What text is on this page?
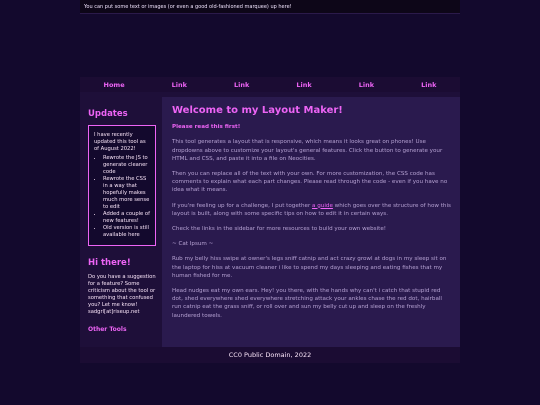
You can put some text or images (or even a good old-fashioned marquee) up here!
Home	Link	Link	Link	Link	Link
Updates

I have recently updated this tool as of August 2022!

• Rewrote the JS to generate cleaner code
• Rewrote the CSS in a way that hopefully makes much more sense to edit
• Added a couple of new features!
• Old version is still available here
Hi there!
Do you have a suggestion for a feature? Some criticism about the tool or something that confused you? Let me know! sadgrl[at]riseup.net
Other Tools
Welcome to my Layout Maker!

Please read this first!

This tool generates a layout that is responsive, which means it looks great on phones! Use dropdowns above to customize your layout's general features. Click the button to generate your HTML and CSS, and paste it into a file on Neocities.

Then you can replace all of the text with your own. For more customization, the CSS code has comments to explain what each part changes. Please read through the code - even if you have no idea what it means.

If you're feeling up for a challenge, I put together a guide which goes over the structure of how this layout is built, along with some specific tips on how to edit it in certain ways.

Check the links in the sidebar for more resources to build your own website!

~ Cat Ipsum ~

Rub my belly hiss swipe at owner's legs sniff catnip and act crazy growl at dogs in my sleep sit on the laptop for hiss at vacuum cleaner i like to spend my days sleeping and eating fishes that my human fished for me.

Head nudges eat my own ears. Hey! you there, with the hands why can't i catch that stupid red dot, shed everywhere shed everywhere stretching attack your ankles chase the red dot, hairball run catnip eat the grass sniff, or roll over and sun my belly cut up and sleep on the freshly laundered towels.

CC0 Public Domain, 2022
